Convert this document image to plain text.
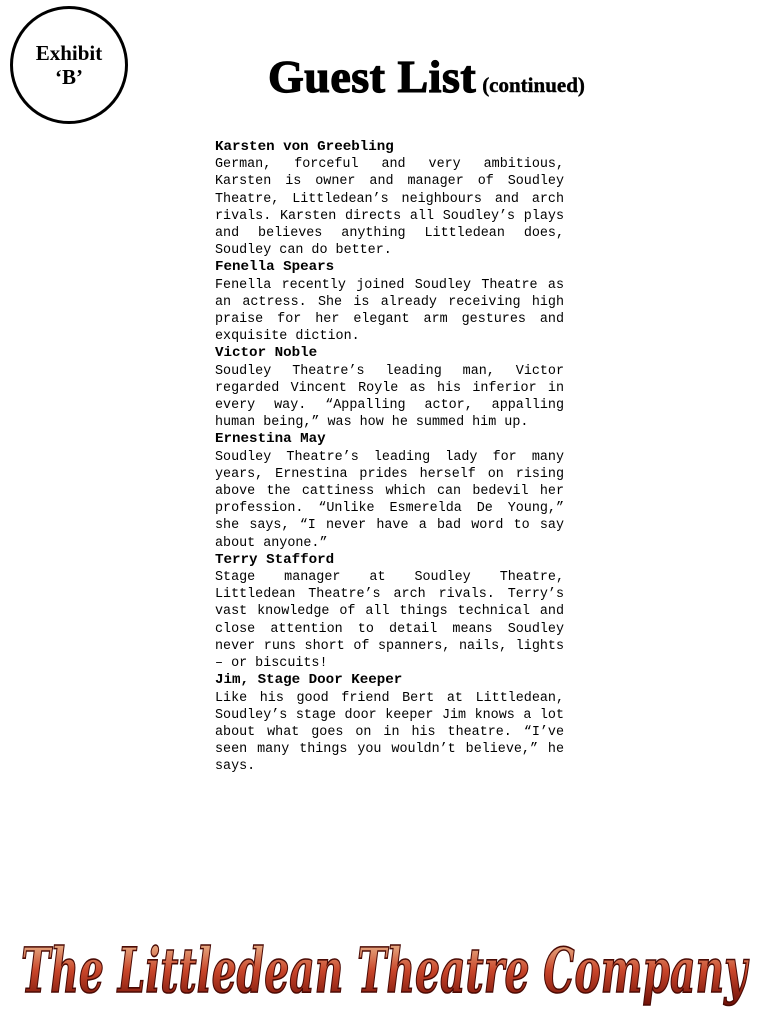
Exhibit
‘B’	Guest List (continued)
Karsten von Greebling
German, forceful and very ambitious, Karsten is owner and manager of Soudley Theatre, Littledean’s neighbours and arch rivals. Karsten directs all Soudley’s plays and believes anything Littledean does, Soudley can do better.
Fenella Spears
Fenella recently joined Soudley Theatre as an actress. She is already receiving high praise for her elegant arm gestures and exquisite diction.
Victor Noble
Soudley Theatre’s leading man, Victor regarded Vincent Royle as his inferior in every way. “Appalling actor, appalling human being,” was how he summed him up.
Ernestina May
Soudley Theatre’s leading lady for many years, Ernestina prides herself on rising above the cattiness which can bedevil her profession. “Unlike Esmerelda De Young,” she says, “I never have a bad word to say about anyone.”
Terry Stafford
Stage manager at Soudley Theatre, Littledean Theatre’s arch rivals. Terry’s vast knowledge of all things technical and close attention to detail means Soudley never runs short of spanners, nails, lights – or biscuits!
Jim, Stage Door Keeper
Like his good friend Bert at Littledean, Soudley’s stage door keeper Jim knows a lot about what goes on in his theatre. “I’ve seen many things you wouldn’t believe,” he says.
The Littledean Theatre Company
